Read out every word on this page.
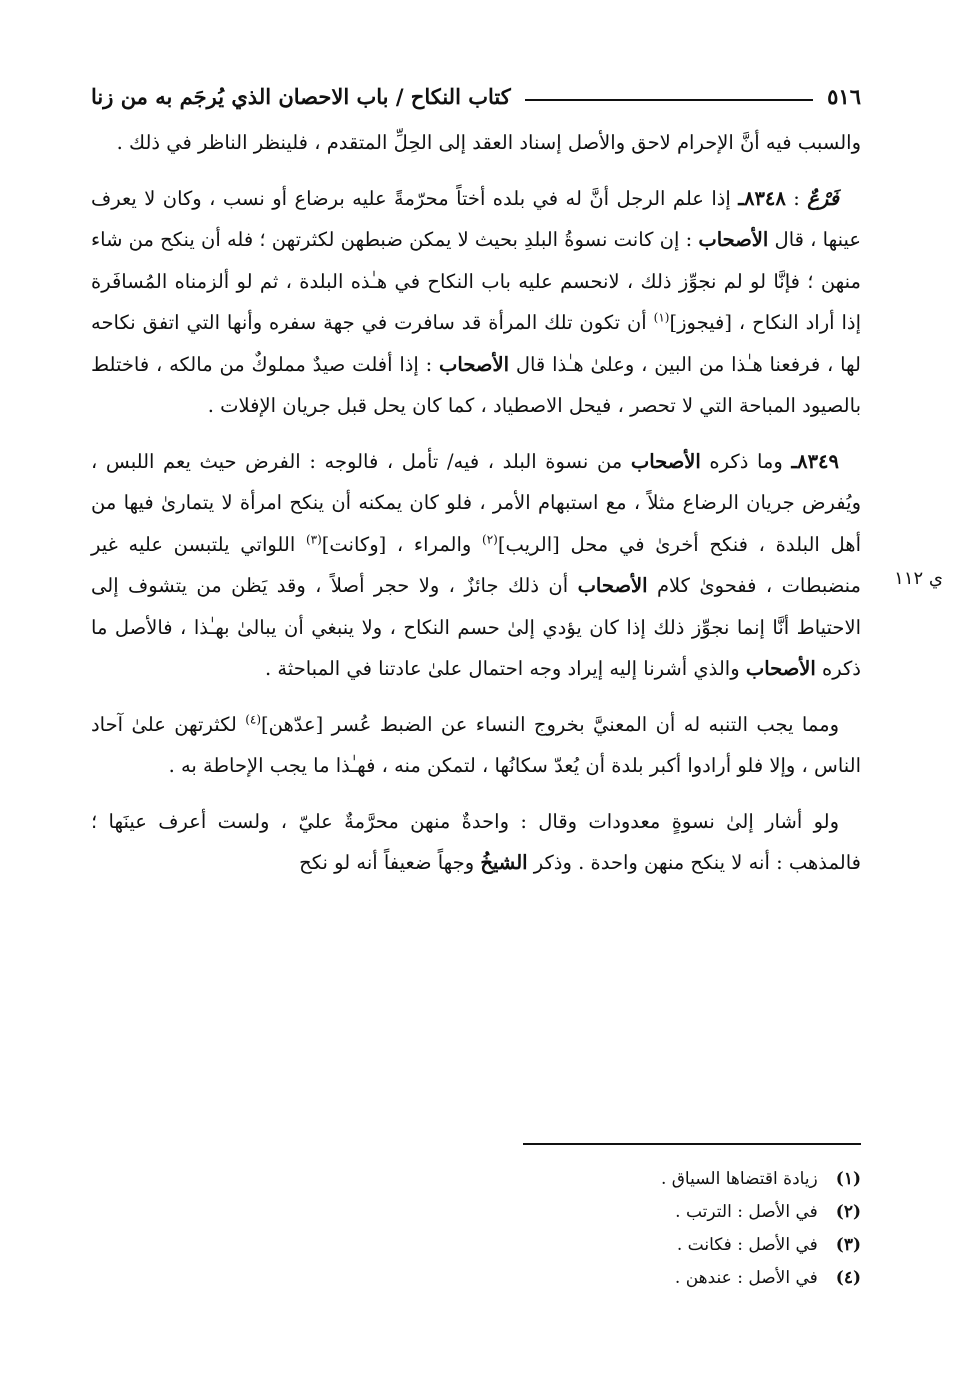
٥١٦
كتاب النكاح / باب الاحصان الذي يُرجَم به من زنا
ي ١١٢

والسبب فيه أنَّ الإحرام لاحق والأصل إسناد العقد إلى الحِلِّ المتقدم ، فلينظر الناظر في ذلك .

فَرْعٌ : ٨٣٤٨ـ إذا علم الرجل أنَّ له في بلده أختاً محرّمةً عليه برضاع أو نسب ، وكان لا يعرف عينها ، قال الأصحاب : إن كانت نسوةُ البلدِ بحيث لا يمكن ضبطهن لكثرتهن ؛ فله أن ينكح من شاء منهن ؛ فإنَّا لو لم نجوِّز ذلك ، لانحسم عليه باب النكاح في هـٰذه البلدة ، ثم لو ألزمناه المُسافَرة إذا أراد النكاح ، [فيجوز]$^{(١)}$ أن تكون تلك المرأة قد سافرت في جهة سفره وأنها التي اتفق نكاحه لها ، فرفعنا هـٰذا من البين ، وعلىٰ هـٰذا قال الأصحاب : إذا أفلت صيدٌ مملوكٌ من مالكه ، فاختلط بالصيود المباحة التي لا تحصر ، فيحل الاصطياد ، كما كان يحل قبل جريان الإفلات .

٨٣٤٩ـ وما ذكره الأصحاب من نسوة البلد ، فيه/ تأمل ، فالوجه : الفرض حيث يعم اللبس ، ويُفرض جريان الرضاع مثلاً ، مع استبهام الأمر ، فلو كان يمكنه أن ينكح امرأة لا يتمارىٰ فيها من أهل البلدة ، فنكح أخرىٰ في محل [الريب]$^{(٢)}$ والمراء ، [وكانت]$^{(٣)}$ اللواتي يلتبسن عليه غير منضبطات ، ففحوىٰ كلام الأصحاب أن ذلك جائزٌ ، ولا حجر أصلاً ، وقد يَظن من يتشوف إلى الاحتياط أنَّا إنما نجوِّز ذلك إذا كان يؤدي إلىٰ حسم النكاح ، ولا ينبغي أن يبالىٰ بهـٰذا ، فالأصل ما ذكره الأصحاب والذي أشرنا إليه إيراد وجه احتمال علىٰ عادتنا في المباحثة .

ومما يجب التنبه له أن المعنيَّ بخروج النساء عن الضبط عُسر [عدّهن]$^{(٤)}$ لكثرتهن علىٰ آحاد الناس ، وإلا فلو أرادوا أكبر بلدة أن يُعدّ سكانُها ، لتمكن منه ، فهـٰذا ما يجب الإحاطة به .

ولو أشار إلىٰ نسوةٍ معدودات وقال : واحدةٌ منهن محرَّمةٌ عليّ ، ولست أعرف عينَها ؛ فالمذهب : أنه لا ينكح منهن واحدة . وذكر الشيخُ وجهاً ضعيفاً أنه لو نكح

(١)
زيادة اقتضاها السياق .
(٢)
في الأصل : الترتب .
(٣)
في الأصل : فكانت .
(٤)
في الأصل : عندهن .
